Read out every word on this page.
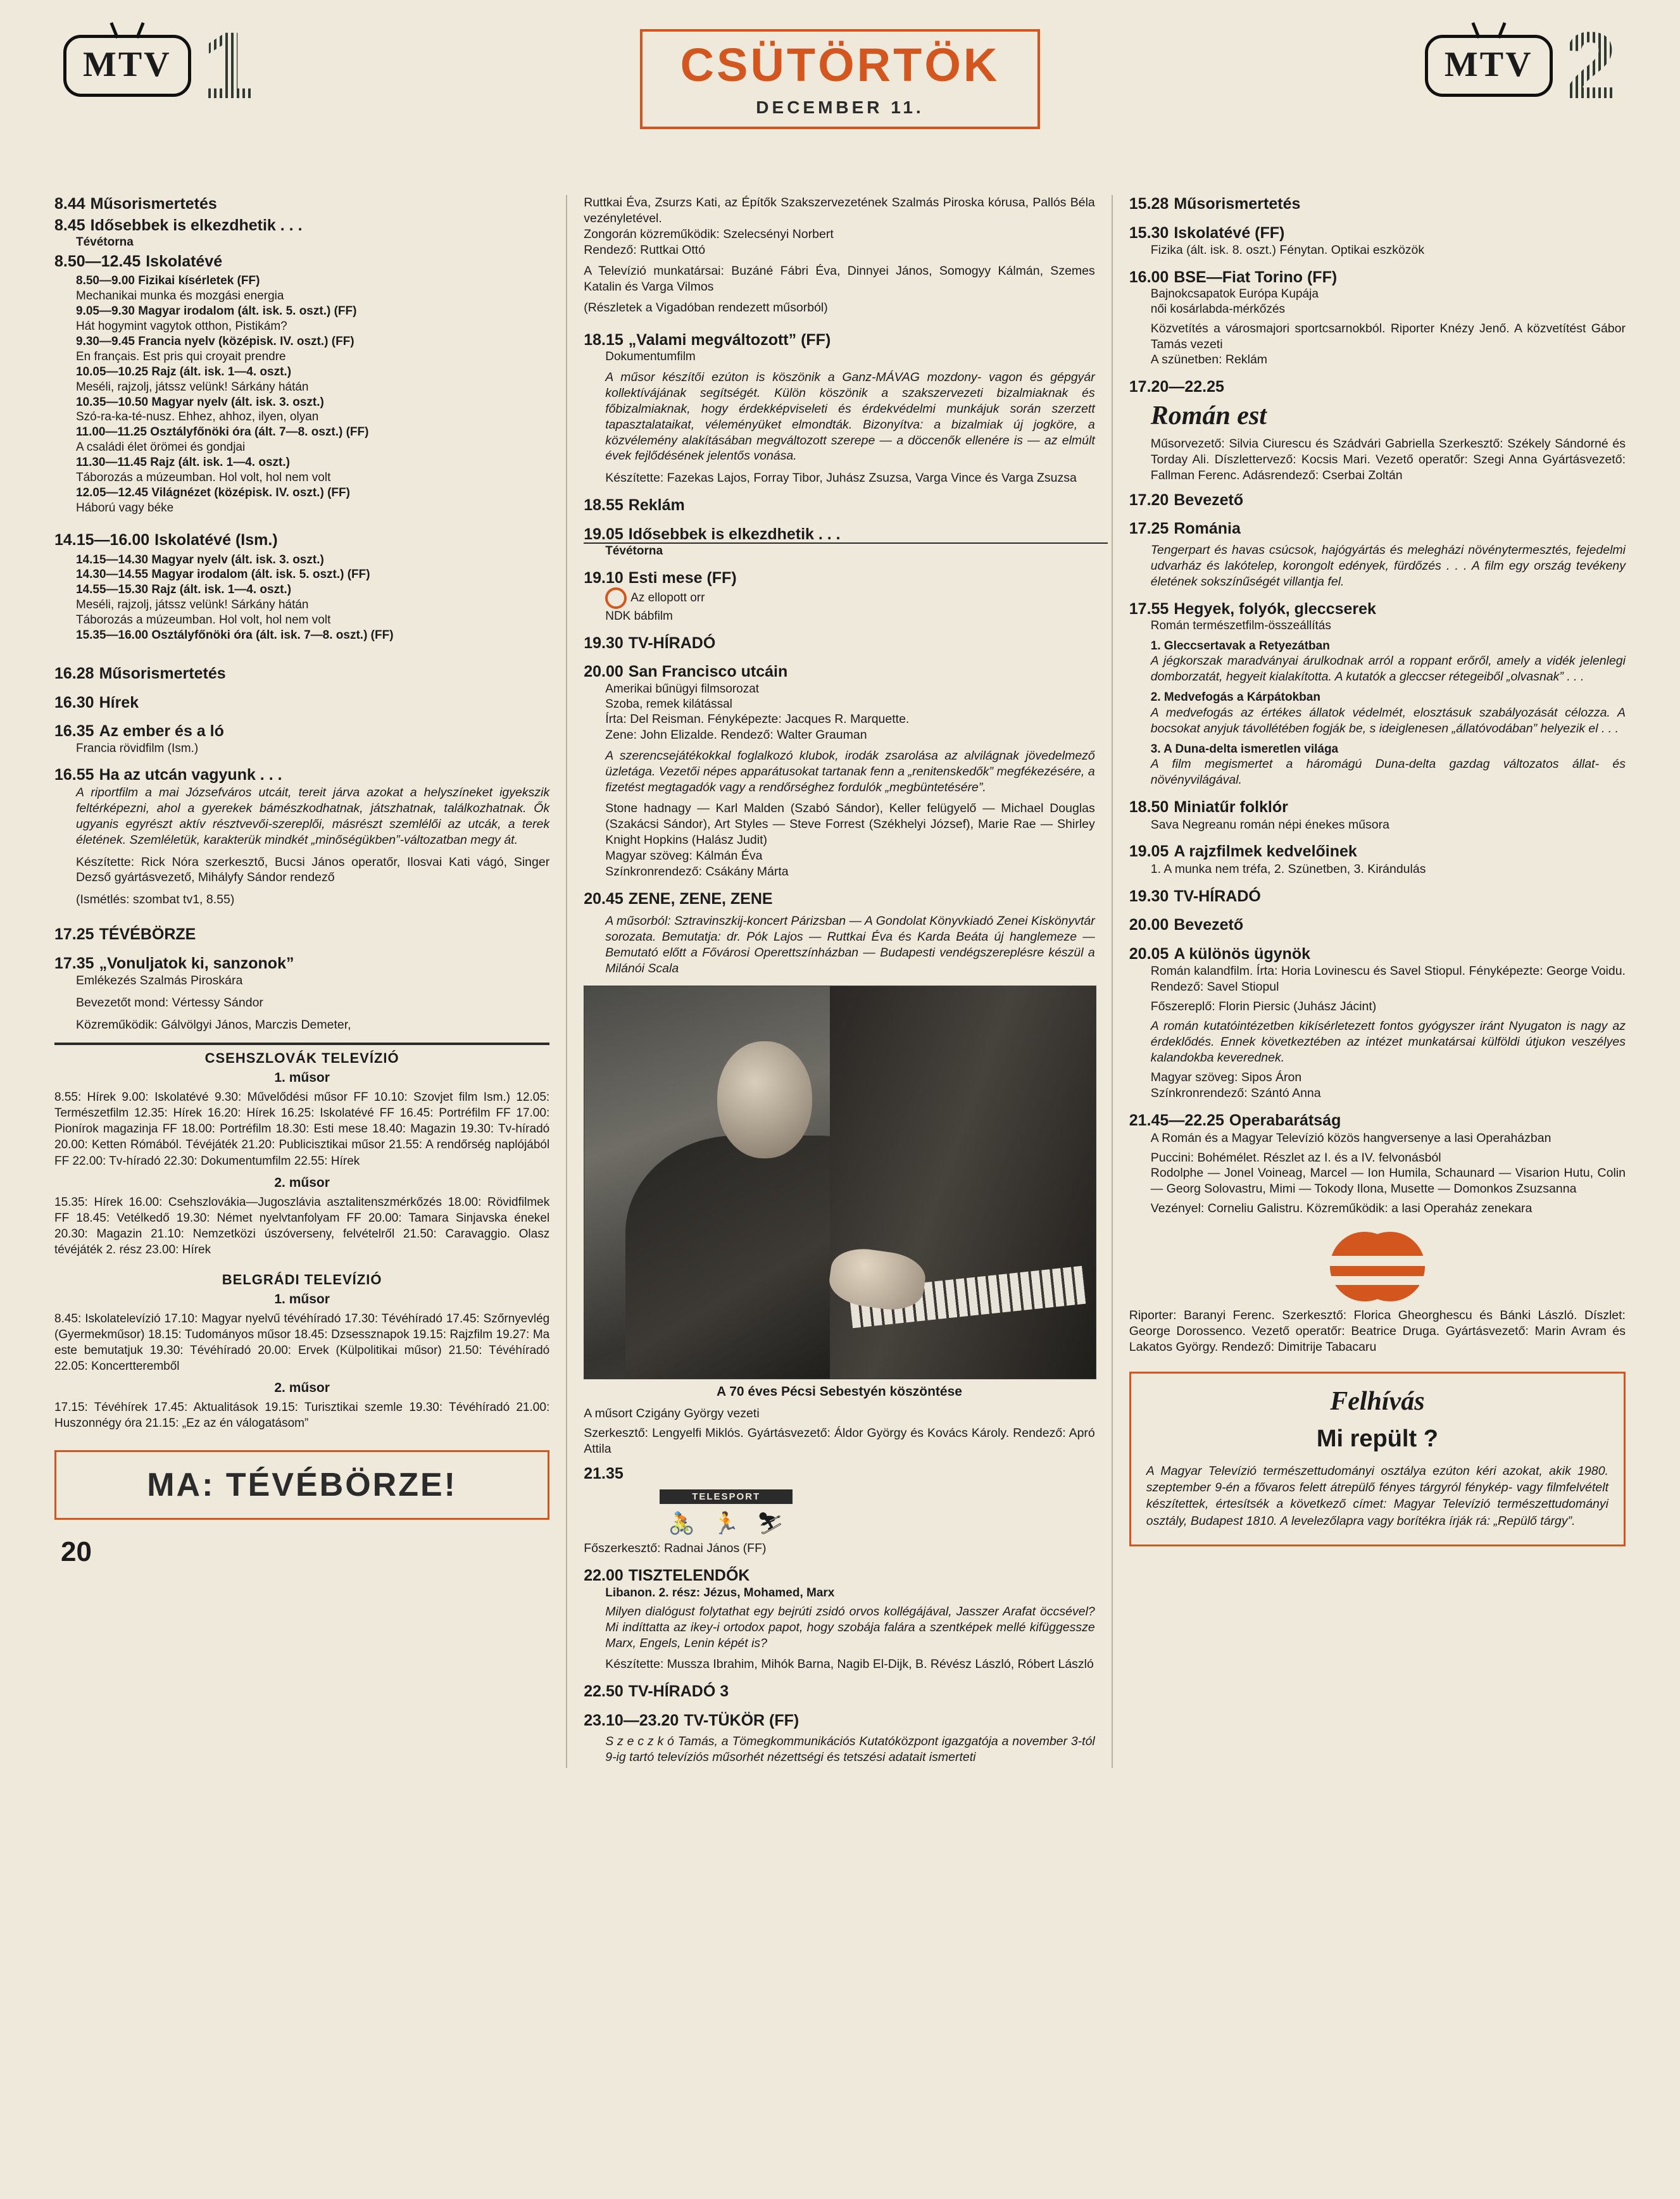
MTV 1	CSÜTÖRTÖK
DECEMBER 11.
MTV 2
8.44 Műsorismertetés
8.45 Idősebbek is elkezdhetik . . .
Tévétorna
8.50—12.45 Iskolatévé
8.50—9.00 Fizikai kísérletek (FF)
Mechanikai munka és mozgási energia
9.05—9.30 Magyar irodalom (ált. isk. 5. oszt.) (FF)
Hát hogymint vagytok otthon, Pistikám?
9.30—9.45 Francia nyelv (középisk. IV. oszt.) (FF)
En français. Est pris qui croyait prendre
10.05—10.25 Rajz (ált. isk. 1—4. oszt.)
Meséli, rajzolj, játssz velünk! Sárkány hátán
10.35—10.50 Magyar nyelv (ált. isk. 3. oszt.)
Szó-ra-ka-té-nusz. Ehhez, ahhoz, ilyen, olyan
11.00—11.25 Osztályfőnöki óra (ált. 7—8. oszt.) (FF)
A családi élet örömei és gondjai
11.30—11.45 Rajz (ált. isk. 1—4. oszt.)
Táborozás a múzeumban. Hol volt, hol nem volt
12.05—12.45 Világnézet (középisk. IV. oszt.) (FF)
Háború vagy béke
14.15—16.00 Iskolatévé (Ism.)
14.15—14.30 Magyar nyelv (ált. isk. 3. oszt.)
14.30—14.55 Magyar irodalom (ált. isk. 5. oszt.) (FF)
14.55—15.30 Rajz (ált. isk. 1—4. oszt.)
Meséli, rajzolj, játssz velünk! Sárkány hátán
Táborozás a múzeumban. Hol volt, hol nem volt
15.35—16.00 Osztályfőnöki óra (ált. isk. 7—8. oszt.) (FF)
16.28 Műsorismertetés
16.30 Hírek
16.35 Az ember és a ló
Francia rövidfilm (Ism.)
16.55 Ha az utcán vagyunk . . .
A riportfilm a mai Józsefváros utcáit, tereit járva azokat a helyszíneket igyekszik feltérképezni, ahol a gyerekek bámészkodhatnak, játszhatnak, találkozhatnak. Ők ugyanis egyrészt aktív résztvevői-szereplői, másrészt szemlélői az utcák, a terek életének. Szemléletük, karakterük mindkét „minőségükben”-változatban megy át.
Készítette: Rick Nóra szerkesztő, Bucsi János operatőr, Ilosvai Kati vágó, Singer Dezső gyártásvezető, Mihályfy Sándor rendező
(Ismétlés: szombat tv1, 8.55)
17.25 TÉVÉBÖRZE
17.35 „Vonuljatok ki, sanzonok”
Emlékezés Szalmás Piroskára
Bevezetőt mond: Vértessy Sándor
Közreműködik: Gálvölgyi János, Marczis Demeter,
CSEHSZLOVÁK TELEVÍZIÓ
1. műsor
8.55: Hírek 9.00: Iskolatévé 9.30: Művelődési műsor FF 10.10: Szovjet film Ism.) 12.05: Természetfilm 12.35: Hírek 16.20: Hírek 16.25: Iskolatévé FF 16.45: Portréfilm FF 17.00: Pionírok magazinja FF 18.00: Portréfilm 18.30: Esti mese 18.40: Magazin 19.30: Tv-híradó 20.00: Ketten Rómából. Tévéjáték 21.20: Publicisztikai műsor 21.55: A rendőrség naplójából FF 22.00: Tv-híradó 22.30: Dokumentumfilm 22.55: Hírek
2. műsor
15.35: Hírek 16.00: Csehszlovákia—Jugoszlávia asztalitenszmérkőzés 18.00: Rövidfilmek FF 18.45: Vetélkedő 19.30: Német nyelvtanfolyam FF 20.00: Tamara Sinjavska énekel 20.30: Magazin 21.10: Nemzetközi úszóverseny, felvételről 21.50: Caravaggio. Olasz tévéjáték 2. rész 23.00: Hírek
BELGRÁDI TELEVÍZIÓ
1. műsor
8.45: Iskolatelevízió 17.10: Magyar nyelvű tévéhíradó 17.30: Tévéhíradó 17.45: Szőrnyevlég (Gyermekműsor) 18.15: Tudományos műsor 18.45: Dzsessznapok 19.15: Rajzfilm 19.27: Ma este bemutatjuk 19.30: Tévéhíradó 20.00: Ervek (Külpolitikai műsor) 21.50: Tévéhíradó 22.05: Koncertteremből
2. műsor
17.15: Tévéhírek 17.45: Aktualitások 19.15: Turisztikai szemle 19.30: Tévéhíradó 21.00: Huszonnégy óra 21.15: „Ez az én válogatásom”
MA: TÉVÉBÖRZE!
20
Ruttkai Éva, Zsurzs Kati, az Építők Szakszervezetének Szalmás Piroska kórusa, Pallós Béla vezényletével.
Zongorán közreműködik: Szelecsényi Norbert
Rendező: Ruttkai Ottó
A Televízió munkatársai: Buzáné Fábri Éva, Dinnyei János, Somogyy Kálmán, Szemes Katalin és Varga Vilmos
(Részletek a Vigadóban rendezett műsorból)
18.15 „Valami megváltozott” (FF)
Dokumentumfilm
A műsor készítői ezúton is köszönik a Ganz-MÁVAG mozdony- vagon és gépgyár kollektívájának segítségét. Külön köszönik a szakszervezeti bizalmiaknak és főbizalmiaknak, hogy érdekképviseleti és érdekvédelmi munkájuk során szerzett tapasztalataikat, véleményüket elmondták. Bizonyítva: a bizalmiak új jogköre, a közvélemény alakításában megváltozott szerepe — a döccenők ellenére is — az elmúlt évek fejlődésének jelentős vonása.
Készítette: Fazekas Lajos, Forray Tibor, Juhász Zsuzsa, Varga Vince és Varga Zsuzsa
18.55 Reklám
19.05 Idősebbek is elkezdhetik . . .
Tévétorna
19.10 Esti mese (FF)
Az ellopott orr
NDK bábfilm
19.30 TV-HÍRADÓ
20.00 San Francisco utcáin
Amerikai bűnügyi filmsorozat
Szoba, remek kilátással
Írta: Del Reisman. Fényképezte: Jacques R. Marquette.
Zene: John Elizalde. Rendező: Walter Grauman
A szerencsejátékokkal foglalkozó klubok, irodák zsarolása az alvilágnak jövedelmező üzletága. Vezetői népes apparátusokat tartanak fenn a „renitenskedők” megfékezésére, a fizetést megtagadók vagy a rendőrséghez fordulók „megbüntetésére”.
Stone hadnagy — Karl Malden (Szabó Sándor), Keller felügyelő — Michael Douglas (Szakácsi Sándor), Art Styles — Steve Forrest (Székhelyi József), Marie Rae — Shirley Knight Hopkins (Halász Judit)
Magyar szöveg: Kálmán Éva
Színkronrendező: Csákány Márta
20.45 ZENE, ZENE, ZENE
A műsorból: Sztravinszkij-koncert Párizsban — A Gondolat Könyvkiadó Zenei Kiskönyvtár sorozata. Bemutatja: dr. Pók Lajos — Ruttkai Éva és Karda Beáta új hanglemeze — Bemutató előtt a Fővárosi Operettszínházban — Budapesti vendégszereplésre készül a Milánói Scala
A 70 éves Pécsi Sebestyén köszöntése
A műsort Czigány György vezeti
Szerkesztő: Lengyelfi Miklós. Gyártásvezető: Áldor György és Kovács Károly. Rendező: Apró Attila
21.35
TELESPORT
🚴 🏃 ⛷
Főszerkesztő: Radnai János (FF)
22.00 TISZTELENDŐK
Libanon. 2. rész: Jézus, Mohamed, Marx
Milyen dialógust folytathat egy bejrúti zsidó orvos kollégájával, Jasszer Arafat öccsével? Mi indíttatta az ikey-i ortodox papot, hogy szobája falára a szentképek mellé kifüggessze Marx, Engels, Lenin képét is?
Készítette: Mussza Ibrahim, Mihók Barna, Nagib El-Dijk, B. Révész László, Róbert László
22.50 TV-HÍRADÓ 3
23.10—23.20 TV-TÜKÖR (FF)
S z e c z k ó Tamás, a Tömegkommunikációs Kutatóközpont igazgatója a november 3-tól 9-ig tartó televíziós műsorhét nézettségi és tetszési adatait ismerteti
15.28 Műsorismertetés
15.30 Iskolatévé (FF)
Fizika (ált. isk. 8. oszt.) Fénytan. Optikai eszközök
16.00 BSE—Fiat Torino (FF)
Bajnokcsapatok Európa Kupája
női kosárlabda-mérkőzés
Közvetítés a városmajori sportcsarnokból. Riporter Knézy Jenő. A közvetítést Gábor Tamás vezeti
A szünetben: Reklám
17.20—22.25
Román est
Műsorvezető: Silvia Ciurescu és Szádvári Gabriella Szerkesztő: Székely Sándorné és Torday Ali. Díszlettervező: Kocsis Mari. Vezető operatőr: Szegi Anna Gyártásvezető: Fallman Ferenc. Adásrendező: Cserbai Zoltán
17.20 Bevezető
17.25 Románia
Tengerpart és havas csúcsok, hajógyártás és melegházi növénytermesztés, fejedelmi udvarház és lakótelep, korongolt edények, fürdőzés . . . A film egy ország tevékeny életének sokszínűségét villantja fel.
17.55 Hegyek, folyók, gleccserek
Román természetfilm-összeállítás
1. Gleccsertavak a Retyezátban
A jégkorszak maradványai árulkodnak arról a roppant erőről, amely a vidék jelenlegi domborzatát, hegyeit kialakította. A kutatók a gleccser rétegeiből „olvasnak” . . .
2. Medvefogás a Kárpátokban
A medvefogás az értékes állatok védelmét, elosztásuk szabályozását célozza. A bocsokat anyjuk távollétében fogják be, s ideiglenesen „állatóvodában” helyezik el . . .
3. A Duna-delta ismeretlen világa
A film megismertet a háromágú Duna-delta gazdag változatos állat- és növényvilágával.
18.50 Miniatűr folklór
Sava Negreanu román népi énekes műsora
19.05 A rajzfilmek kedvelőinek
1. A munka nem tréfa, 2. Szünetben, 3. Kirándulás
19.30 TV-HÍRADÓ
20.00 Bevezető
20.05 A különös ügynök
Román kalandfilm. Írta: Horia Lovinescu és Savel Stiopul. Fényképezte: George Voidu. Rendező: Savel Stiopul
Főszereplő: Florin Piersic (Juhász Jácint)
A román kutatóintézetben kikísérletezett fontos gyógyszer iránt Nyugaton is nagy az érdeklődés. Ennek következtében az intézet munkatársai külföldi útjukon veszélyes kalandokba keverednek.
Magyar szöveg: Sipos Áron
Színkronrendező: Szántó Anna
21.45—22.25 Operabarátság
A Román és a Magyar Televízió közös hangversenye a lasi Operaházban
Puccini: Bohémélet. Részlet az I. és a IV. felvonásból
Rodolphe — Jonel Voineag, Marcel — Ion Humila, Schaunard — Visarion Hutu, Colin — Georg Solovastru, Mimi — Tokody Ilona, Musette — Domonkos Zsuzsanna
Vezényel: Corneliu Galistru. Közreműködik: a lasi Operaház zenekara
Riporter: Baranyi Ferenc. Szerkesztő: Florica Gheorghescu és Bánki László. Díszlet: George Dorossenco. Vezető operatőr: Beatrice Druga. Gyártásvezető: Marin Avram és Lakatos György. Rendező: Dimitrije Tabacaru
Felhívás
Mi repült ?
A Magyar Televízió természettudományi osztálya ezúton kéri azokat, akik 1980. szeptember 9-én a fővaros felett átrepülő fényes tárgyról fénykép- vagy filmfelvételt készítettek, értesítsék a következő címet: Magyar Televízió természettudományi osztály, Budapest 1810. A levelezőlapra vagy borítékra írják rá: „Repülő tárgy”.
